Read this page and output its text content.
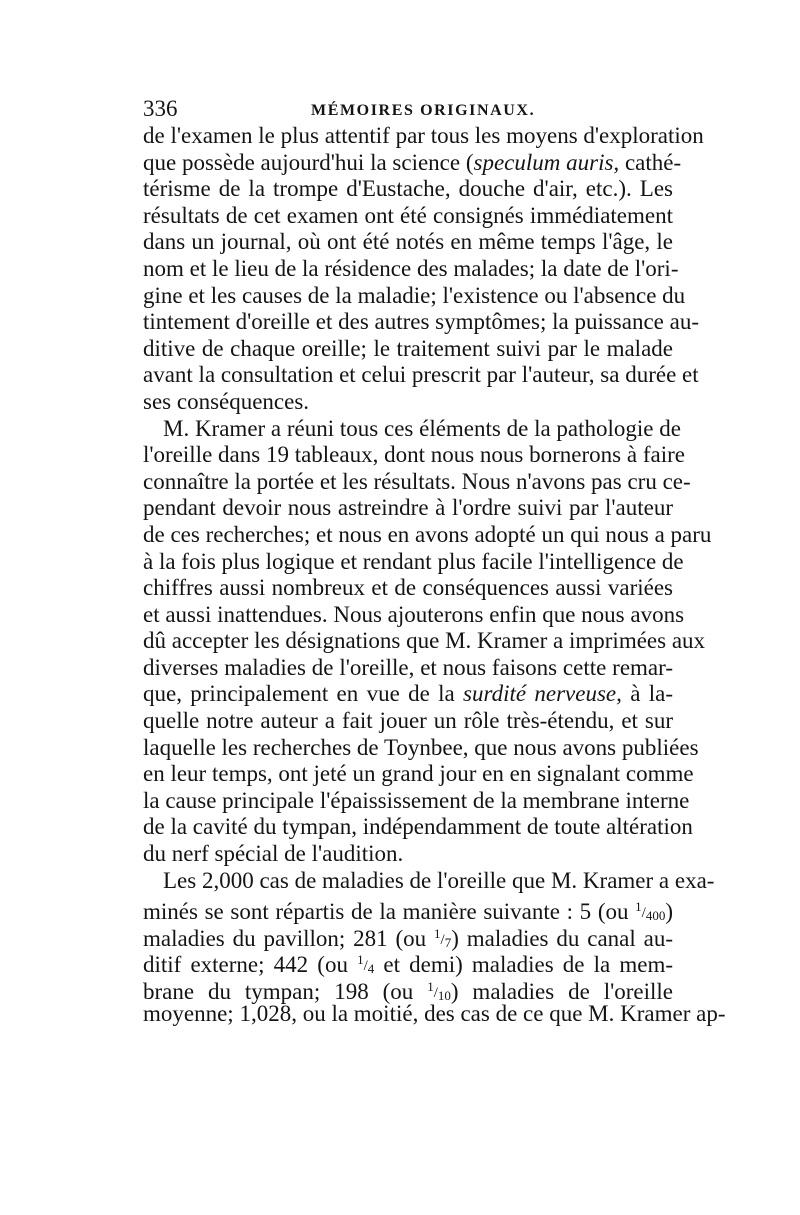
336	MÉMOIRES ORIGINAUX.
de l'examen le plus attentif par tous les moyens d'exploration
que possède aujourd'hui la science (speculum auris, cathé-
térisme de la trompe d'Eustache, douche d'air, etc.). Les
résultats de cet examen ont été consignés immédiatement
dans un journal, où ont été notés en même temps l'âge, le
nom et le lieu de la résidence des malades; la date de l'ori-
gine et les causes de la maladie; l'existence ou l'absence du
tintement d'oreille et des autres symptômes; la puissance au-
ditive de chaque oreille; le traitement suivi par le malade
avant la consultation et celui prescrit par l'auteur, sa durée et
ses conséquences.
M. Kramer a réuni tous ces éléments de la pathologie de
l'oreille dans 19 tableaux, dont nous nous bornerons à faire
connaître la portée et les résultats. Nous n'avons pas cru ce-
pendant devoir nous astreindre à l'ordre suivi par l'auteur
de ces recherches; et nous en avons adopté un qui nous a paru
à la fois plus logique et rendant plus facile l'intelligence de
chiffres aussi nombreux et de conséquences aussi variées
et aussi inattendues. Nous ajouterons enfin que nous avons
dû accepter les désignations que M. Kramer a imprimées aux
diverses maladies de l'oreille, et nous faisons cette remar-
que, principalement en vue de la surdité nerveuse, à la-
quelle notre auteur a fait jouer un rôle très-étendu, et sur
laquelle les recherches de Toynbee, que nous avons publiées
en leur temps, ont jeté un grand jour en en signalant comme
la cause principale l'épaississement de la membrane interne
de la cavité du tympan, indépendamment de toute altération
du nerf spécial de l'audition.
Les 2,000 cas de maladies de l'oreille que M. Kramer a exa-
minés se sont répartis de la manière suivante : 5 (ou $^1/_{400}$)
maladies du pavillon; 281 (ou $^1/_7$) maladies du canal au-
ditif externe; 442 (ou $^1/_4$ et demi) maladies de la mem-
brane du tympan; 198 (ou $^1/_{10}$) maladies de l'oreille
moyenne; 1,028, ou la moitié, des cas de ce que M. Kramer ap-
